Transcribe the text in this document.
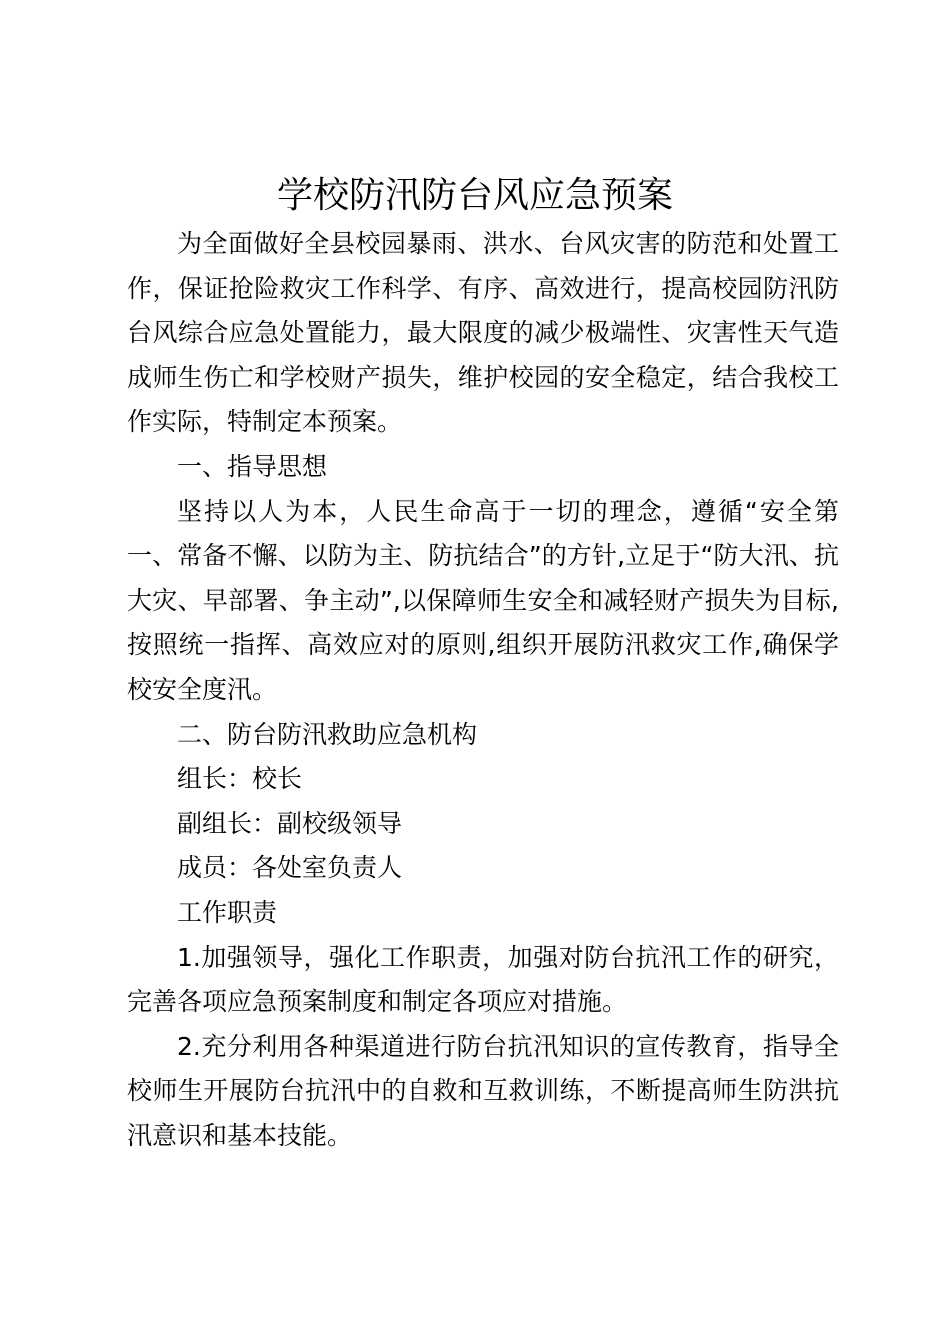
学校防汛防台风应急预案

为全面做好全县校园暴雨、洪水、台风灾害的防范和处置工作，保证抢险救灾工作科学、有序、高效进行，提高校园防汛防台风综合应急处置能力，最大限度的减少极端性、灾害性天气造成师生伤亡和学校财产损失，维护校园的安全稳定，结合我校工作实际，特制定本预案。

一、指导思想

坚持以人为本，人民生命高于一切的理念，遵循“安全第一、常备不懈、以防为主、防抗结合”的方针,立足于“防大汛、抗大灾、早部署、争主动”,以保障师生安全和减轻财产损失为目标,按照统一指挥、高效应对的原则,组织开展防汛救灾工作,确保学校安全度汛。

二、防台防汛救助应急机构

组长：校长

副组长：副校级领导

成员：各处室负责人

工作职责

1.加强领导，强化工作职责，加强对防台抗汛工作的研究，完善各项应急预案制度和制定各项应对措施。

2.充分利用各种渠道进行防台抗汛知识的宣传教育，指导全校师生开展防台抗汛中的自救和互救训练，不断提高师生防洪抗汛意识和基本技能。
